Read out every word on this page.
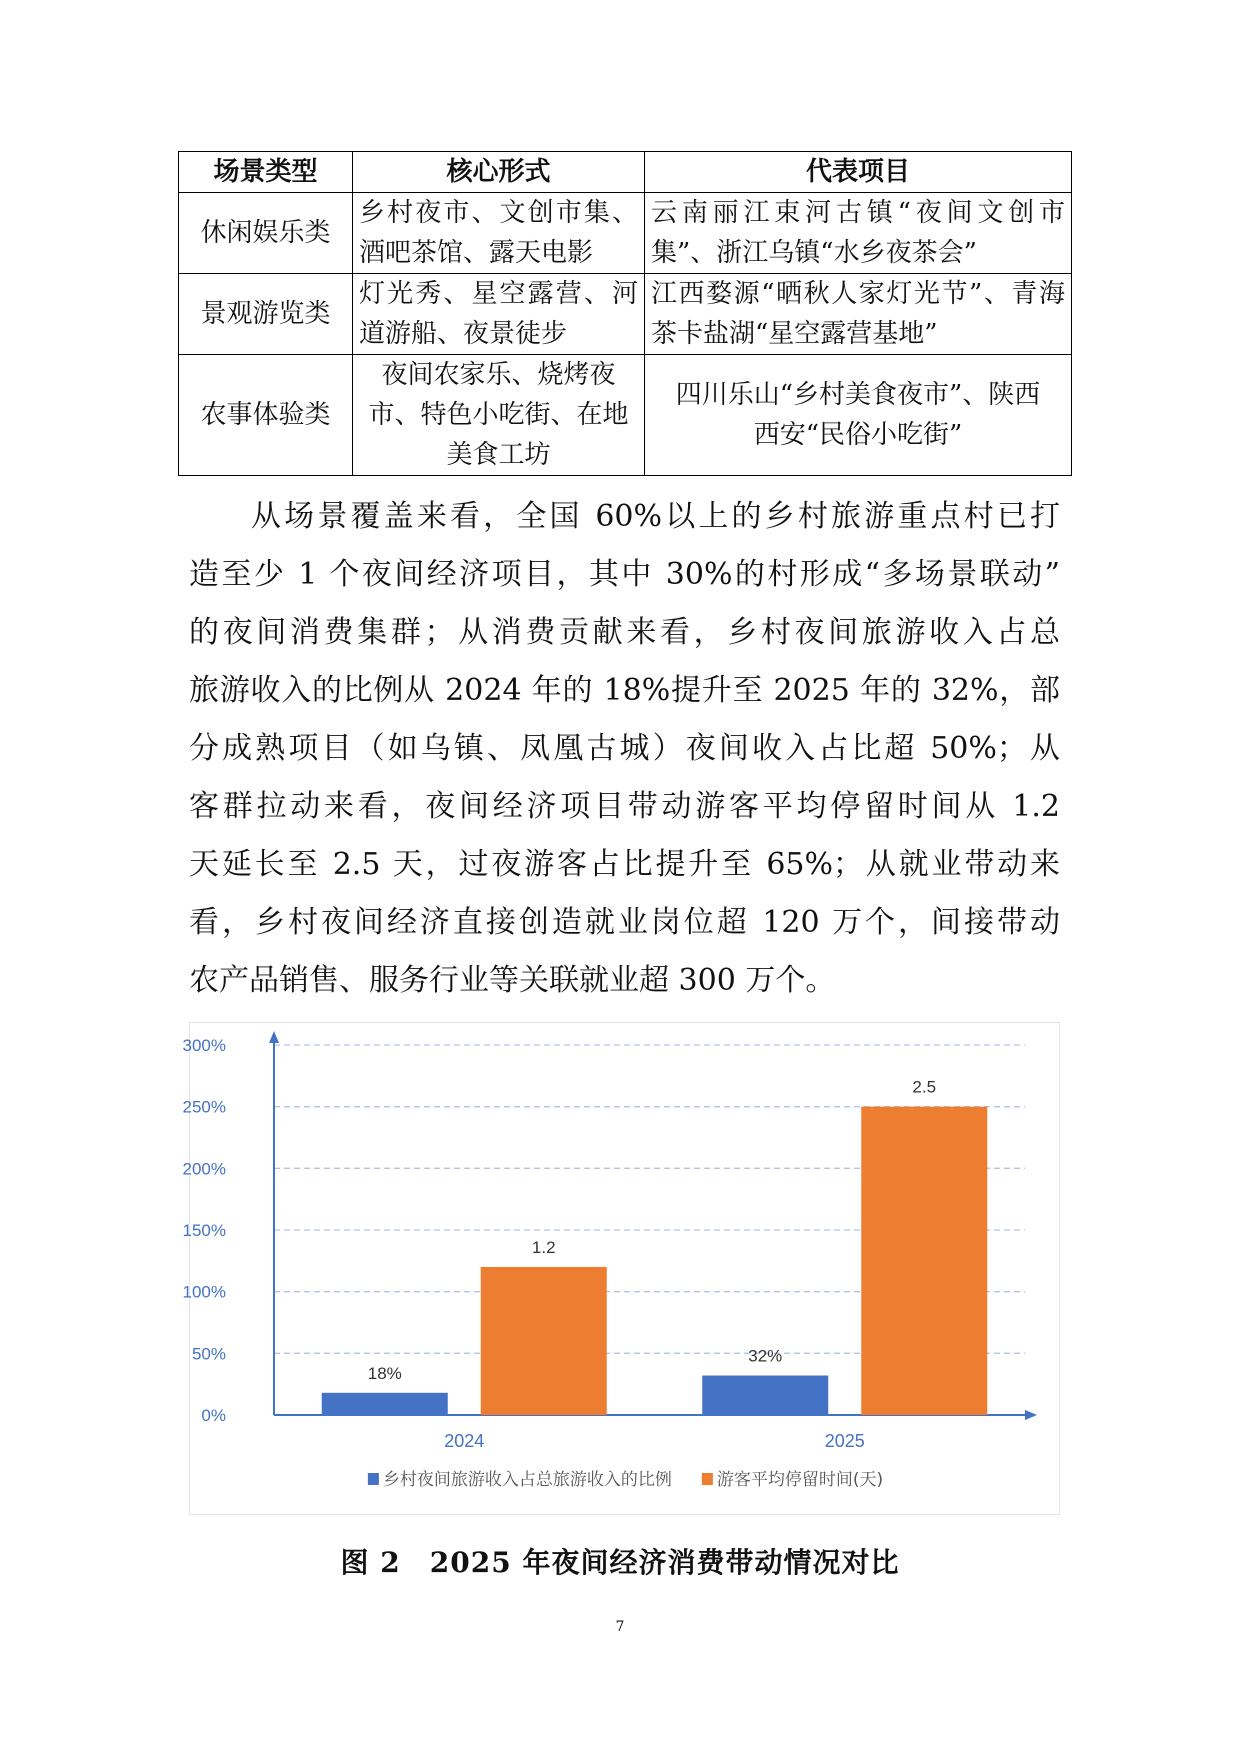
场景类型	核心形式	代表项目
休闲娱乐类	乡村夜市、文创市集、酒吧茶馆、露天电影	云南丽江束河古镇“夜间文创市集”、浙江乌镇“水乡夜茶会”
景观游览类	灯光秀、星空露营、河道游船、夜景徒步	江西婺源“晒秋人家灯光节”、青海茶卡盐湖“星空露营基地”
农事体验类	夜间农家乐、烧烤夜市、特色小吃街、在地美食工坊	四川乐山“乡村美食夜市”、陕西西安“民俗小吃街”
从场景覆盖来看，全国 60%以上的乡村旅游重点村已打
造至少 1 个夜间经济项目，其中 30%的村形成“多场景联动”
的夜间消费集群；从消费贡献来看，乡村夜间旅游收入占总
旅游收入的比例从 2024 年的 18%提升至 2025 年的 32%，部
分成熟项目（如乌镇、凤凰古城）夜间收入占比超 50%；从
客群拉动来看，夜间经济项目带动游客平均停留时间从 1.2
天延长至 2.5 天，过夜游客占比提升至 65%；从就业带动来
看，乡村夜间经济直接创造就业岗位超 120 万个，间接带动
农产品销售、服务行业等关联就业超 300 万个。
0%
50%
100%
150%
200%
250%
300%
2024
18%
1.2
2025
32%
2.5
乡村夜间旅游收入占总旅游收入的比例	游客平均停留时间(天)
图 2　2025 年夜间经济消费带动情况对比
7
